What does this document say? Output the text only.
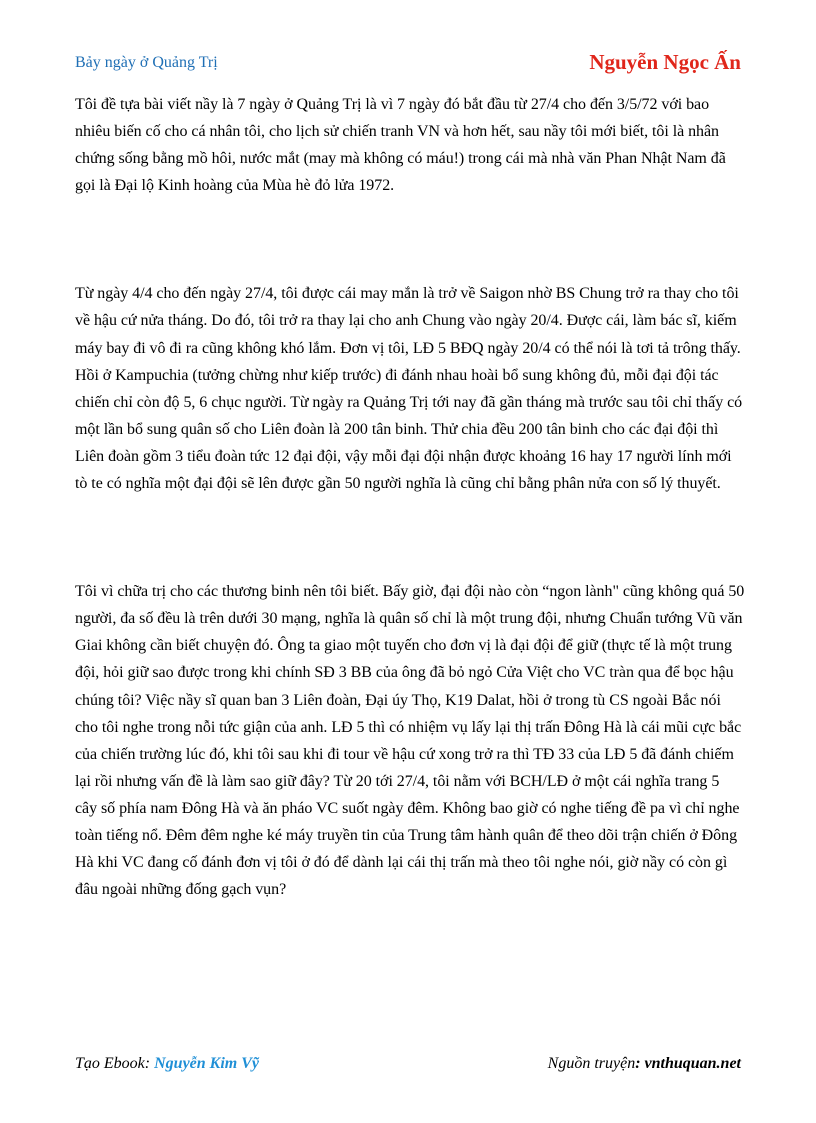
Bảy ngày ở Quảng Trị	Nguyễn Ngọc Ấn

Tôi đề tựa bài viết nầy là 7 ngày ở Quảng Trị là vì 7 ngày đó bắt đầu từ 27/4 cho đến 3/5/72 với bao nhiêu biến cố cho cá nhân tôi, cho lịch sử chiến tranh VN và hơn hết, sau nầy tôi mới biết, tôi là nhân chứng sống bằng mồ hôi, nước mắt (may mà không có máu!) trong cái mà nhà văn Phan Nhật Nam đã gọi là Đại lộ Kinh hoàng của Mùa hè đỏ lửa 1972.

Từ ngày 4/4 cho đến ngày 27/4, tôi được cái may mắn là trở về Saigon nhờ BS Chung trở ra thay cho tôi về hậu cứ nửa tháng. Do đó, tôi trở ra thay lại cho anh Chung vào ngày 20/4. Được cái, làm bác sĩ, kiếm máy bay đi vô đi ra cũng không khó lắm. Đơn vị tôi, LĐ 5 BĐQ ngày 20/4 có thể nói là tơi tả trông thấy. Hồi ở Kampuchia (tưởng chừng như kiếp trước) đi đánh nhau hoài bổ sung không đủ, mỗi đại đội tác chiến chỉ còn độ 5, 6 chục người. Từ ngày ra Quảng Trị tới nay đã gần tháng mà trước sau tôi chỉ thấy có một lần bổ sung quân số cho Liên đoàn là 200 tân binh. Thử chia đều 200 tân binh cho các đại đội thì Liên đoàn gồm 3 tiểu đoàn tức 12 đại đội, vậy mỗi đại đội nhận được khoảng 16 hay 17 người lính mới tò te có nghĩa một đại đội sẽ lên được gần 50 người nghĩa là cũng chỉ bằng phân nửa con số lý thuyết.

Tôi vì chữa trị cho các thương binh nên tôi biết. Bấy giờ, đại đội nào còn “ngon lành" cũng không quá 50 người, đa số đều là trên dưới 30 mạng, nghĩa là quân số chỉ là một trung đội, nhưng Chuẩn tướng Vũ văn Giai không cần biết chuyện đó. Ông ta giao một tuyến cho đơn vị là đại đội để giữ (thực tế là một trung đội, hỏi giữ sao được trong khi chính SĐ 3 BB của ông đã bỏ ngỏ Cửa Việt cho VC tràn qua để bọc hậu chúng tôi? Việc nầy sĩ quan ban 3 Liên đoàn, Đại úy Thọ, K19 Dalat, hồi ở trong tù CS ngoài Bắc nói cho tôi nghe trong nỗi tức giận của anh. LĐ 5 thì có nhiệm vụ lấy lại thị trấn Đông Hà là cái mũi cực bắc của chiến trường lúc đó, khi tôi sau khi đi tour về hậu cứ xong trở ra thì TĐ 33 của LĐ 5 đã đánh chiếm lại rồi nhưng vấn đề là làm sao giữ đây? Từ 20 tới 27/4, tôi nằm với BCH/LĐ ở một cái nghĩa trang 5 cây số phía nam Đông Hà và ăn pháo VC suốt ngày đêm. Không bao giờ có nghe tiếng đề pa vì chỉ nghe toàn tiếng nổ. Đêm đêm nghe ké máy truyền tin của Trung tâm hành quân để theo dõi trận chiến ở Đông Hà khi VC đang cố đánh đơn vị tôi ở đó để dành lại cái thị trấn mà theo tôi nghe nói, giờ nầy có còn gì đâu ngoài những đống gạch vụn?

Tạo Ebook: Nguyễn Kim Vỹ	Nguồn truyện: vnthuquan.net
